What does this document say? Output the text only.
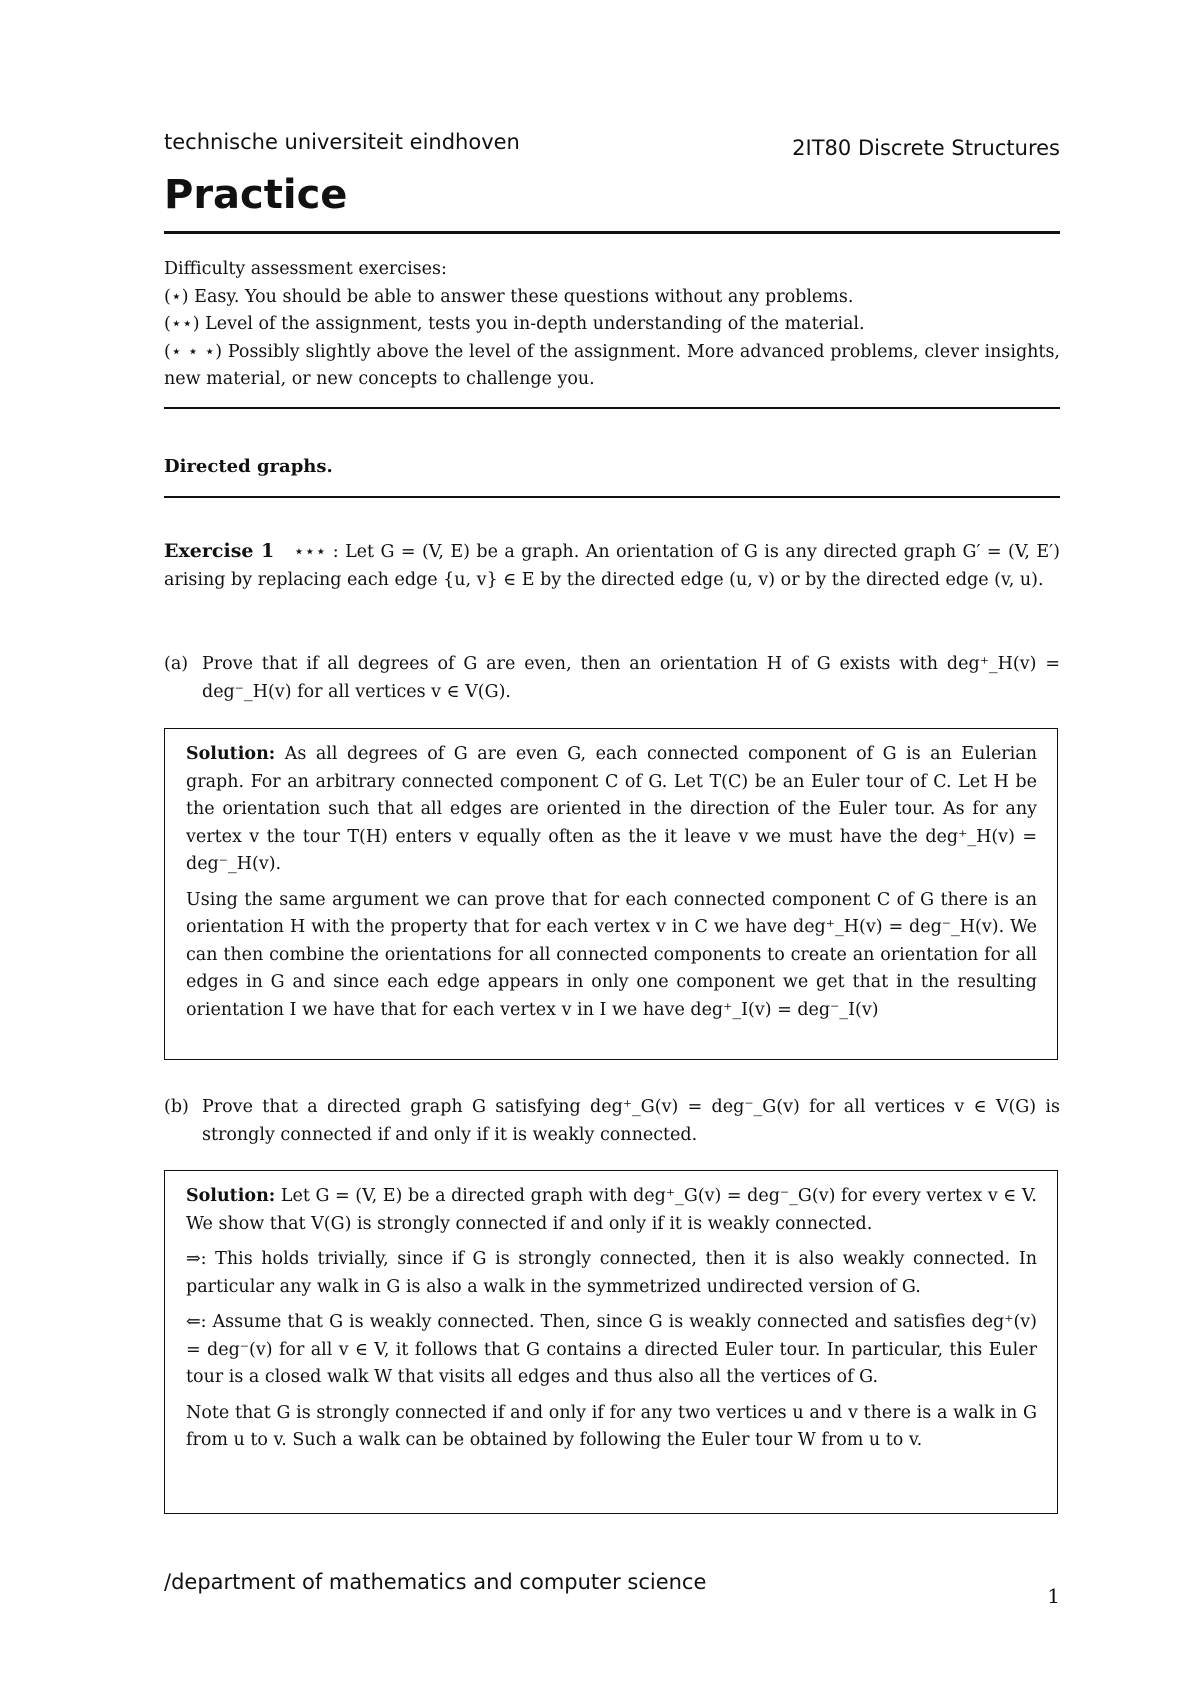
technische universiteit eindhoven	2IT80 Discrete Structures
Practice

Difficulty assessment exercises:

(⋆) Easy. You should be able to answer these questions without any problems.

(⋆⋆) Level of the assignment, tests you in-depth understanding of the material.

(⋆ ⋆ ⋆) Possibly slightly above the level of the assignment. More advanced problems, clever insights, new material, or new concepts to challenge you.

Directed graphs.

Exercise 1 ⋆⋆⋆ : Let G = (V, E) be a graph. An orientation of G is any directed graph G′ = (V, E′) arising by replacing each edge {u, v} ∈ E by the directed edge (u, v) or by the directed edge (v, u).

(a) Prove that if all degrees of G are even, then an orientation H of G exists with deg⁺_H(v) = deg⁻_H(v) for all vertices v ∈ V(G).

Solution: As all degrees of G are even G, each connected component of G is an Eulerian graph. For an arbitrary connected component C of G. Let T(C) be an Euler tour of C. Let H be the orientation such that all edges are oriented in the direction of the Euler tour. As for any vertex v the tour T(H) enters v equally often as the it leave v we must have the deg⁺_H(v) = deg⁻_H(v).

Using the same argument we can prove that for each connected component C of G there is an orientation H with the property that for each vertex v in C we have deg⁺_H(v) = deg⁻_H(v). We can then combine the orientations for all connected components to create an orientation for all edges in G and since each edge appears in only one component we get that in the resulting orientation I we have that for each vertex v in I we have deg⁺_I(v) = deg⁻_I(v)

(b) Prove that a directed graph G satisfying deg⁺_G(v) = deg⁻_G(v) for all vertices v ∈ V(G) is strongly connected if and only if it is weakly connected.

Solution: Let G = (V, E) be a directed graph with deg⁺_G(v) = deg⁻_G(v) for every vertex v ∈ V. We show that V(G) is strongly connected if and only if it is weakly connected.

⇒: This holds trivially, since if G is strongly connected, then it is also weakly connected. In particular any walk in G is also a walk in the symmetrized undirected version of G.

⇐: Assume that G is weakly connected. Then, since G is weakly connected and satisfies deg⁺(v) = deg⁻(v) for all v ∈ V, it follows that G contains a directed Euler tour. In particular, this Euler tour is a closed walk W that visits all edges and thus also all the vertices of G.

Note that G is strongly connected if and only if for any two vertices u and v there is a walk in G from u to v. Such a walk can be obtained by following the Euler tour W from u to v.

/department of mathematics and computer science
1
